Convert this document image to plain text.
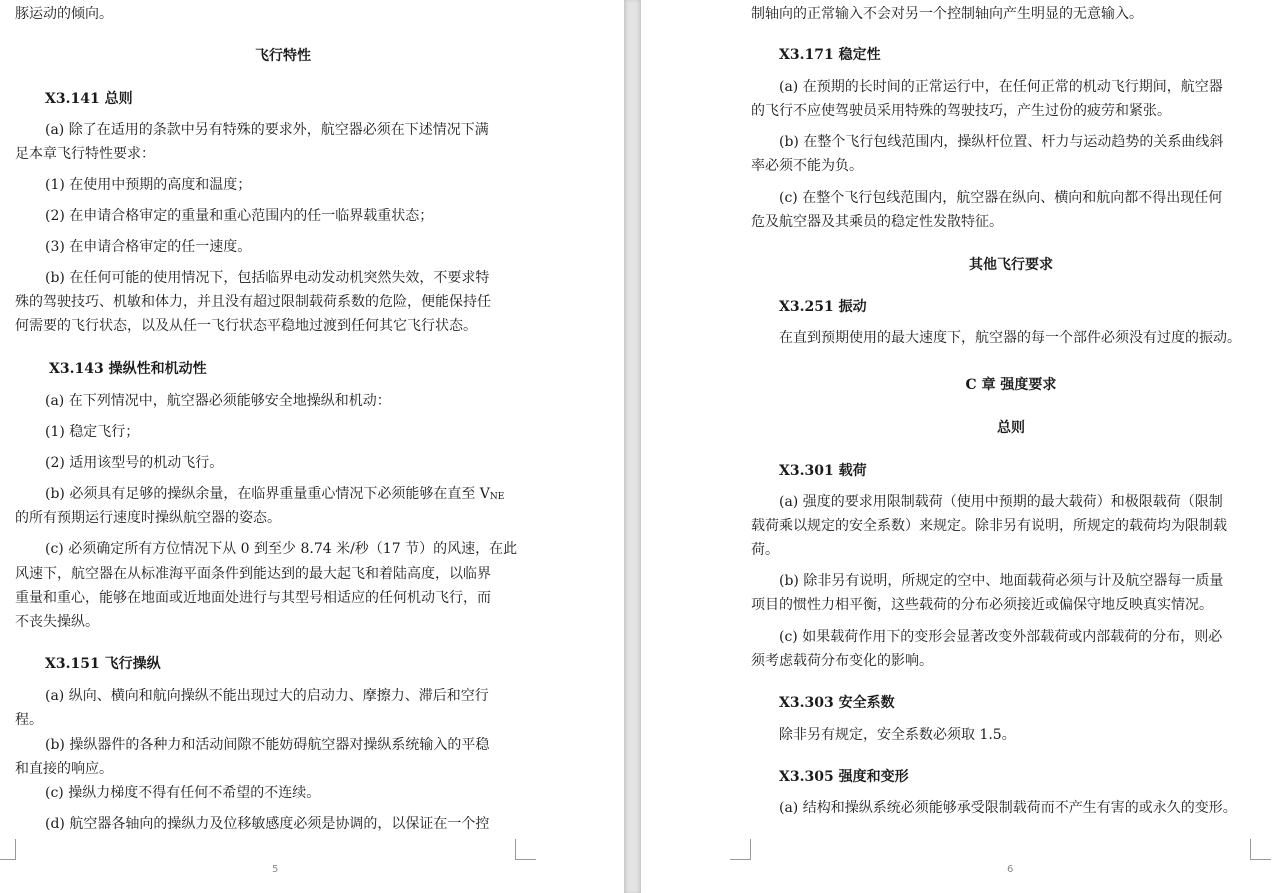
豚运动的倾向。

飞行特性

X3.141 总则

(a) 除了在适用的条款中另有特殊的要求外，航空器必须在下述情况下满

足本章飞行特性要求：

(1) 在使用中预期的高度和温度；

(2) 在申请合格审定的重量和重心范围内的任一临界载重状态；

(3) 在申请合格审定的任一速度。

(b) 在任何可能的使用情况下，包括临界电动发动机突然失效，不要求特

殊的驾驶技巧、机敏和体力，并且没有超过限制载荷系数的危险，便能保持任

何需要的飞行状态，以及从任一飞行状态平稳地过渡到任何其它飞行状态。

X3.143 操纵性和机动性

(a) 在下列情况中，航空器必须能够安全地操纵和机动：

(1) 稳定飞行；

(2) 适用该型号的机动飞行。

(b) 必须具有足够的操纵余量，在临界重量重心情况下必须能够在直至 VNE

的所有预期运行速度时操纵航空器的姿态。

(c) 必须确定所有方位情况下从 0 到至少 8.74 米/秒（17 节）的风速，在此

风速下，航空器在从标准海平面条件到能达到的最大起飞和着陆高度，以临界

重量和重心，能够在地面或近地面处进行与其型号相适应的任何机动飞行，而

不丧失操纵。

X3.151 飞行操纵

(a) 纵向、横向和航向操纵不能出现过大的启动力、摩擦力、滞后和空行

程。

(b) 操纵器件的各种力和活动间隙不能妨碍航空器对操纵系统输入的平稳

和直接的响应。

(c) 操纵力梯度不得有任何不希望的不连续。

(d) 航空器各轴向的操纵力及位移敏感度必须是协调的，以保证在一个控

5

制轴向的正常输入不会对另一个控制轴向产生明显的无意输入。

X3.171 稳定性

(a) 在预期的长时间的正常运行中，在任何正常的机动飞行期间，航空器

的飞行不应使驾驶员采用特殊的驾驶技巧，产生过份的疲劳和紧张。

(b) 在整个飞行包线范围内，操纵杆位置、杆力与运动趋势的关系曲线斜

率必须不能为负。

(c) 在整个飞行包线范围内，航空器在纵向、横向和航向都不得出现任何

危及航空器及其乘员的稳定性发散特征。

其他飞行要求

X3.251 振动

在直到预期使用的最大速度下，航空器的每一个部件必须没有过度的振动。

C 章 强度要求

总则

X3.301 载荷

(a) 强度的要求用限制载荷（使用中预期的最大载荷）和极限载荷（限制

载荷乘以规定的安全系数）来规定。除非另有说明，所规定的载荷均为限制载

荷。

(b) 除非另有说明，所规定的空中、地面载荷必须与计及航空器每一质量

项目的惯性力相平衡，这些载荷的分布必须接近或偏保守地反映真实情况。

(c) 如果载荷作用下的变形会显著改变外部载荷或内部载荷的分布，则必

须考虑载荷分布变化的影响。

X3.303 安全系数

除非另有规定，安全系数必须取 1.5。

X3.305 强度和变形

(a) 结构和操纵系统必须能够承受限制载荷而不产生有害的或永久的变形。

6
